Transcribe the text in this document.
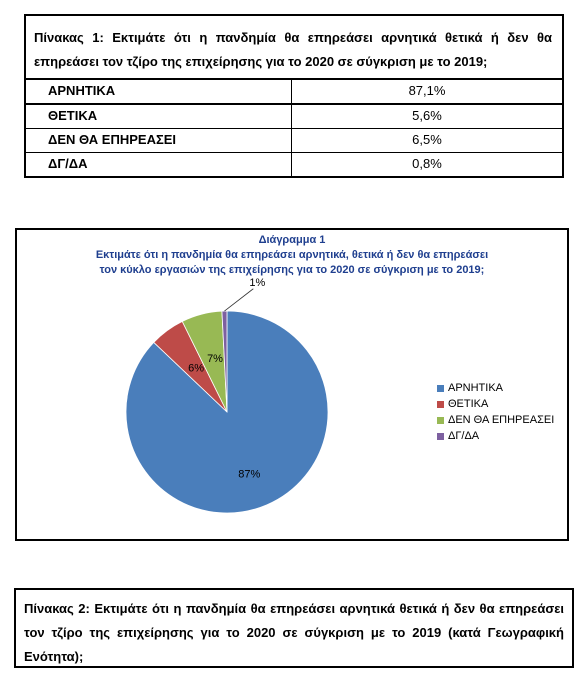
Πίνακας 1: Εκτιμάτε ότι η πανδημία θα επηρεάσει αρνητικά θετικά ή δεν θα επηρεάσει τον τζίρο της επιχείρησης για το 2020 σε σύγκριση με το 2019;
ΑΡΝΗΤΙΚΑ	87,1%
ΘΕΤΙΚΑ	5,6%
ΔΕΝ ΘΑ ΕΠΗΡΕΑΣΕΙ	6,5%
ΔΓ/ΔΑ	0,8%
Διάγραμμα 1
Εκτιμάτε ότι η πανδημία θα επηρεάσει αρνητικά, θετικά ή δεν θα επηρεάσει
τον κύκλο εργασιών της επιχείρησης για το 2020 σε σύγκριση με το 2019;
87%
6%
7%
1%
ΑΡΝΗΤΙΚΑ
ΘΕΤΙΚΑ
ΔΕΝ ΘΑ ΕΠΗΡΕΑΣΕΙ
ΔΓ/ΔΑ
Πίνακας 2: Εκτιμάτε ότι η πανδημία θα επηρεάσει αρνητικά θετικά ή δεν θα επηρεάσει τον τζίρο της επιχείρησης για το 2020 σε σύγκριση με το 2019 (κατά Γεωγραφική Ενότητα);
